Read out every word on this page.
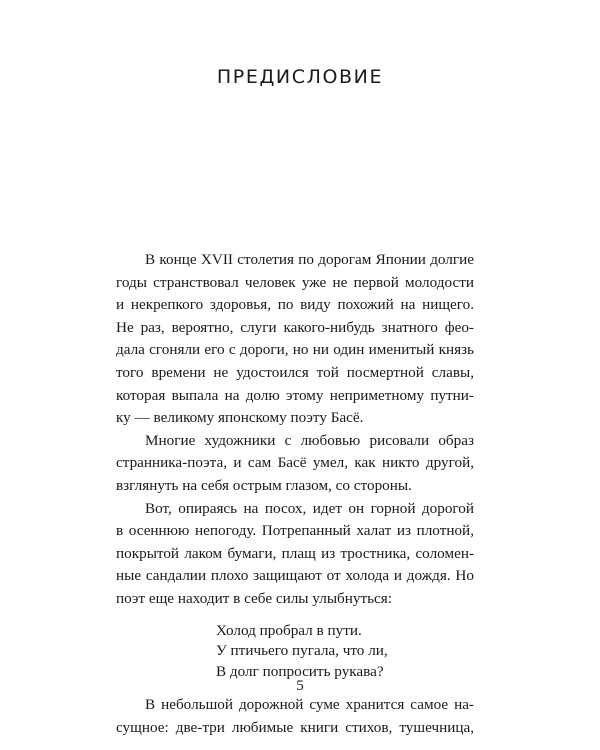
ПРЕДИСЛОВИЕ
В конце XVII столетия по дорогам Японии долгие
годы странствовал человек уже не первой молодости
и некрепкого здоровья, по виду похожий на нищего.
Не раз, вероятно, слуги какого-нибудь знатного фео-
дала сгоняли его с дороги, но ни один именитый князь
того времени не удостоился той посмертной славы,
которая выпала на долю этому неприметному путни-
ку — великому японскому поэту Басё.
Многие художники с любовью рисовали образ
странника-поэта, и сам Басё умел, как никто другой,
взглянуть на себя острым глазом, со стороны.
Вот, опираясь на посох, идет он горной дорогой
в осеннюю непогоду. Потрепанный халат из плотной,
покрытой лаком бумаги, плащ из тростника, соломен-
ные сандалии плохо защищают от холода и дождя. Но
поэт еще находит в себе силы улыбнуться:
Холод пробрал в пути.
У птичьего пугала, что ли,
В долг попросить рукава?
В небольшой дорожной суме хранится самое на-
сущное: две-три любимые книги стихов, тушечница,
5
